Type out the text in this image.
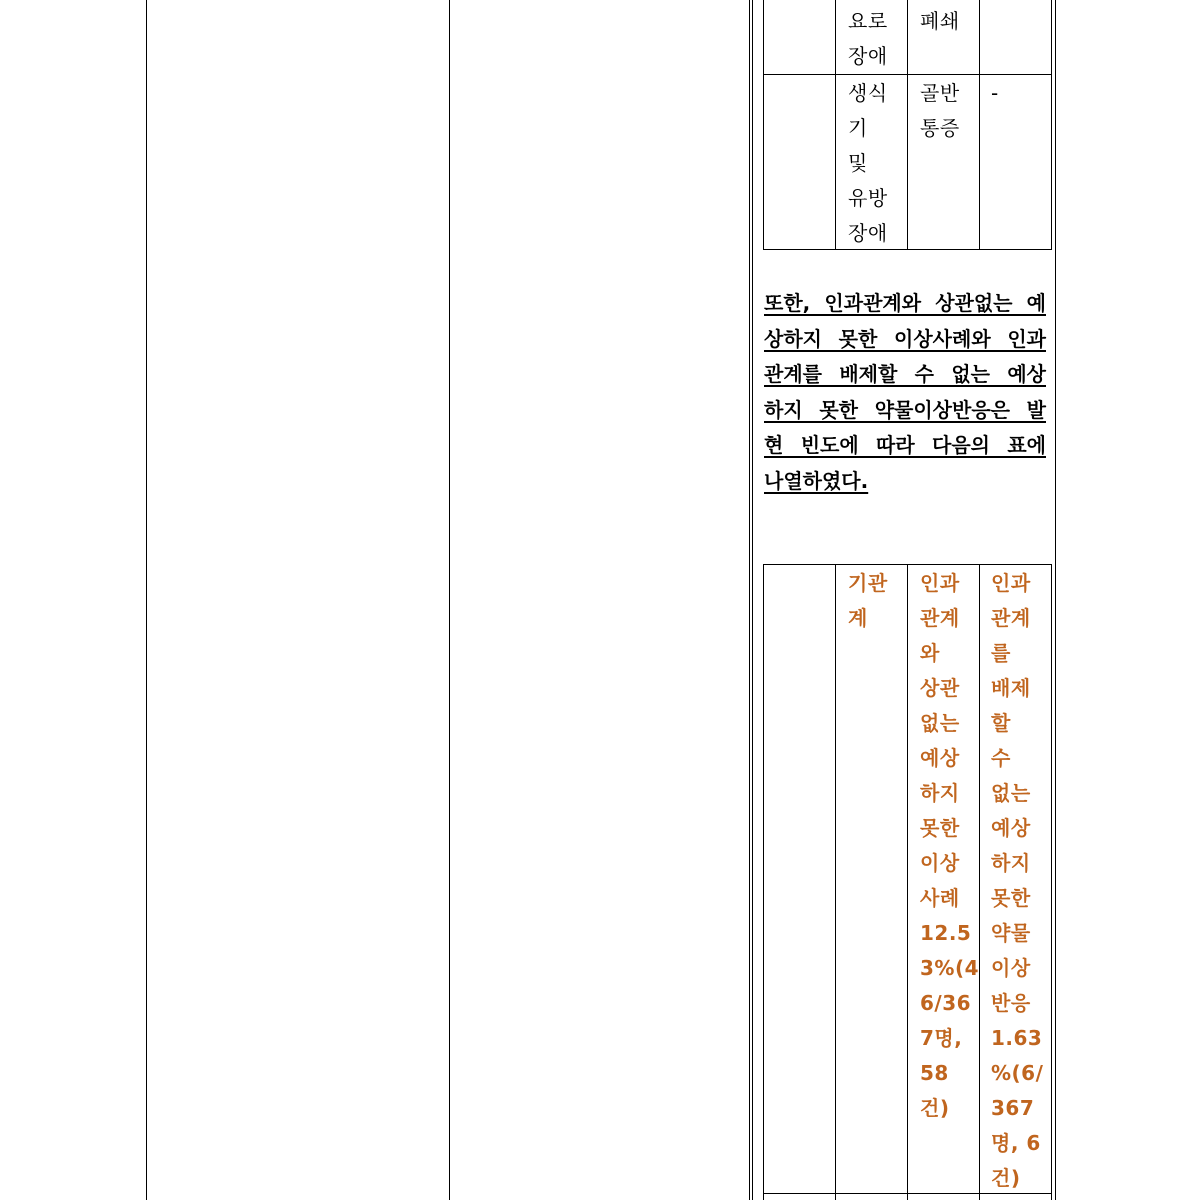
요로
장애
폐쇄
생식
기
및
유방
장애
골반
통증
-
또한, 인과관계와 상관없는 예
상하지 못한 이상사례와 인과
관계를 배제할 수 없는 예상
하지 못한 약물이상반응은 발
현 빈도에 따라 다음의 표에
나열하였다.
기관
계
인과
관계
와
상관
없는
예상
하지
못한
이상
사례
12.5
3%(4
6/36
7명,
58
건)
인과
관계
를
배제
할
수
없는
예상
하지
못한
약물
이상
반응
1.63
%(6/
367
명, 6
건)
